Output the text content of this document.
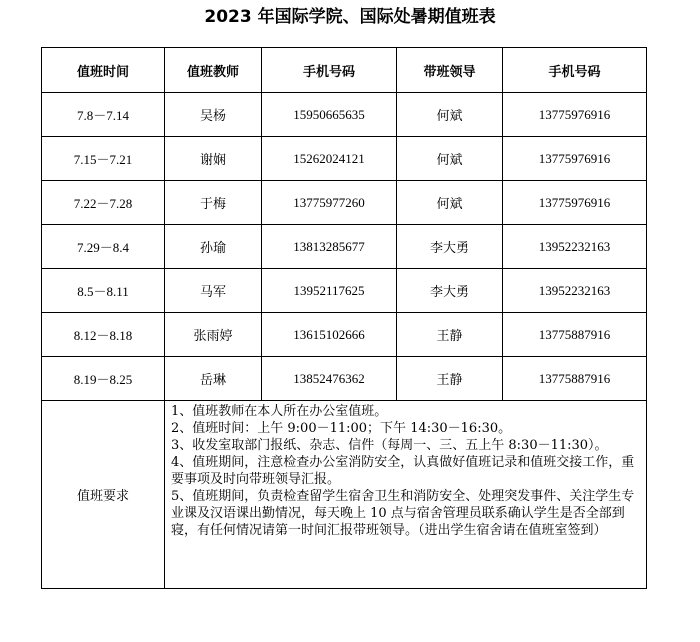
2023 年国际学院、国际处暑期值班表
值班时间	值班教师	手机号码	带班领导	手机号码
7.8－7.14	吴杨	15950665635	何斌	13775976916
7.15－7.21	谢娴	15262024121	何斌	13775976916
7.22－7.28	于梅	13775977260	何斌	13775976916
7.29－8.4	孙瑜	13813285677	李大勇	13952232163
8.5－8.11	马军	13952117625	李大勇	13952232163
8.12－8.18	张雨婷	13615102666	王静	13775887916
8.19－8.25	岳琳	13852476362	王静	13775887916
值班要求	1、值班教师在本人所在办公室值班。
2、值班时间：上午 9:00－11:00；下午 14:30－16:30。
3、收发室取部门报纸、杂志、信件（每周一、三、五上午 8:30－11:30）。
4、值班期间，注意检查办公室消防安全，认真做好值班记录和值班交接工作，重要事项及时向带班领导汇报。
5、值班期间，负责检查留学生宿舍卫生和消防安全、处理突发事件、关注学生专业课及汉语课出勤情况，每天晚上 10 点与宿舍管理员联系确认学生是否全部到寝，有任何情况请第一时间汇报带班领导。（进出学生宿舍请在值班室签到）			
